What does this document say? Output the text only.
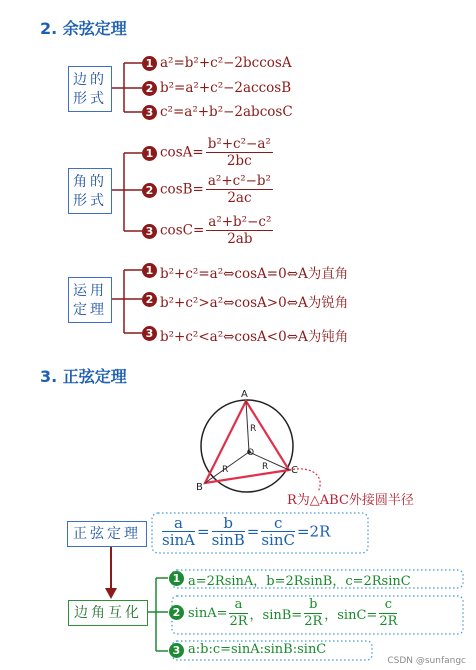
2. 余弦定理
边的
形式
1 a²=b²+c²−2bccosA
2 b²=a²+c²−2accosB
3 c²=a²+b²−2abcosC
角的
形式
1 $\cos A= \frac{\text{b²+c²−a²}}{2bc}$
2 $\cos B= \frac{\text{a²+c²−b²}}{2ac}$
3 $\cos C= \frac{\text{a²+b²−c²}}{2ab}$
运用
定理
1 b²+c²=a²⇔cosA=0⇔A为直角
2 b²+c²>a²⇔cosA>0⇔A为锐角
3 b²+c²<a²⇔cosA<0⇔A为钝角
3. 正弦定理
A
B
C
O
R
R	R
R为△ABC外接圆半径
正弦定理	$\frac{a}{\sin A} = \frac{b}{\sin B} = \frac{c}{\sin C} =2R$
边角互化
1 a=2RsinA，b=2RsinB，c=2RsinC
2 $\sin A= \frac{a}{2R}$ ，$\sin B= \frac{b}{2R}$ ，$\sin C= \frac{c}{2R}$
3 a:b:c=sinA:sinB:sinC
CSDN @sunfangc
